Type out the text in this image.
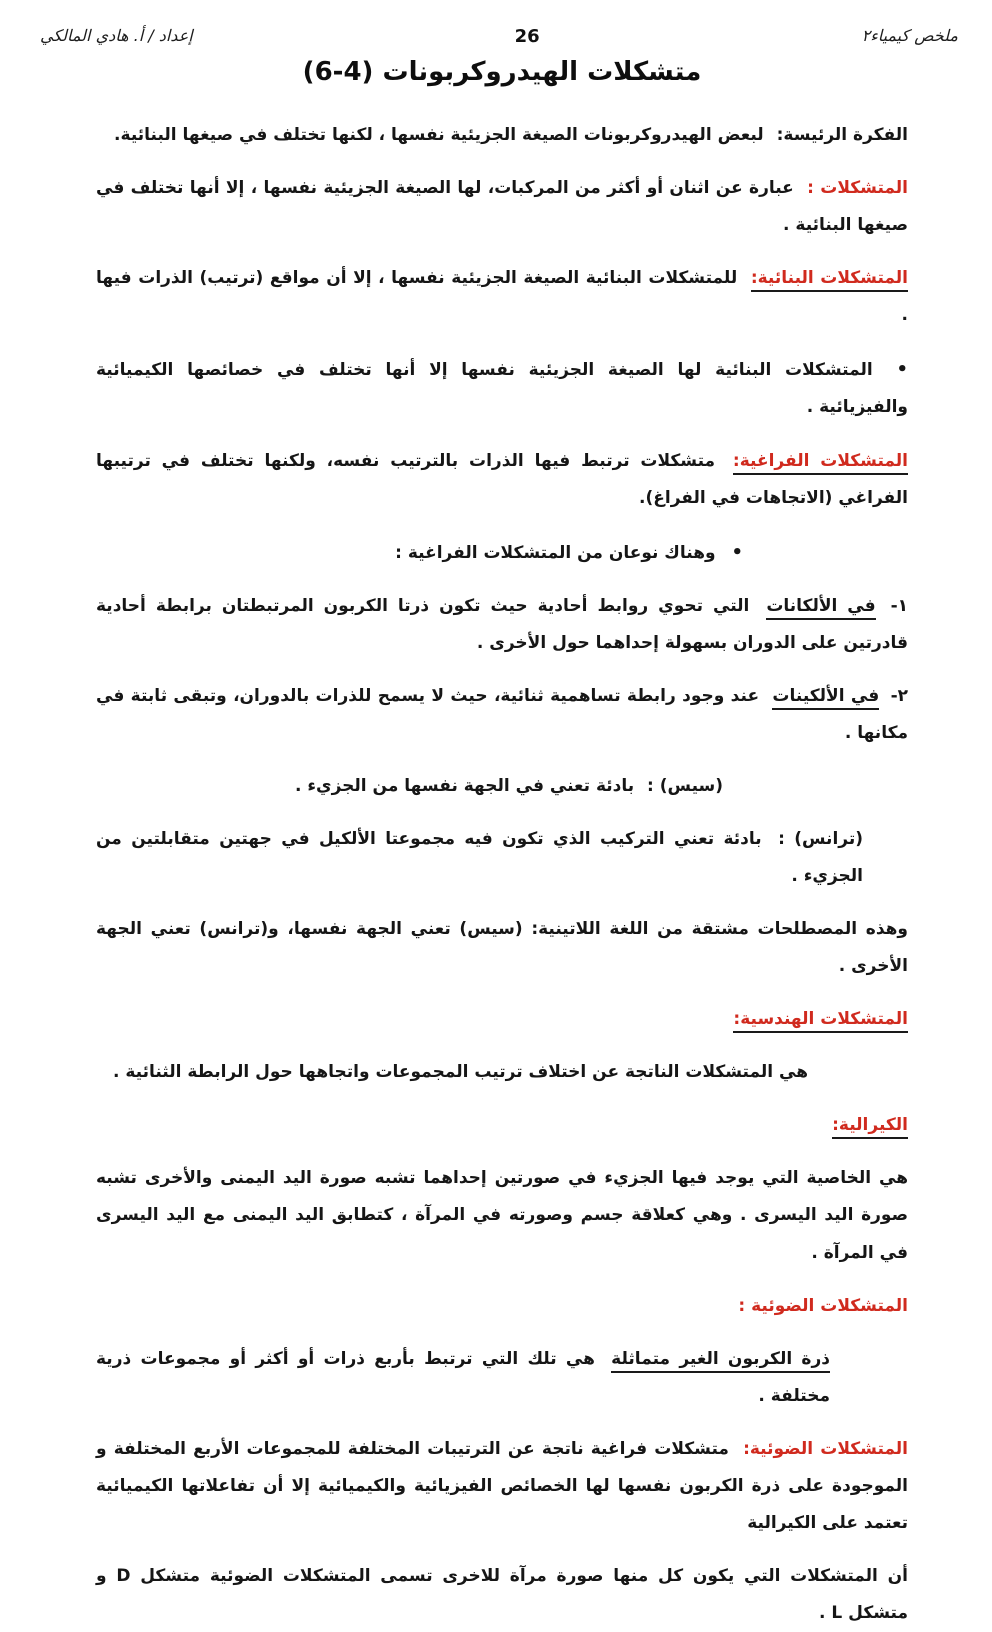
ملخص كيمياء٢
26
إعداد / أ. هادي المالكي
متشكلات الهيدروكربونات (4-6)

الفكرة الرئيسة: لبعض الهيدروكربونات الصيغة الجزيئية نفسها ، لكنها تختلف في صيغها البنائية.

المتشكلات : عبارة عن اثنان أو أكثر من المركبات، لها الصيغة الجزيئية نفسها ، إلا أنها تختلف في صيغها البنائية .

المتشكلات البنائية: للمتشكلات البنائية الصيغة الجزيئية نفسها ، إلا أن مواقع (ترتيب) الذرات فيها .

• المتشكلات البنائية لها الصيغة الجزيئية نفسها إلا أنها تختلف في خصائصها الكيميائية والفيزيائية .

المتشكلات الفراغية: متشكلات ترتبط فيها الذرات بالترتيب نفسه، ولكنها تختلف في ترتيبها الفراغي (الاتجاهات في الفراغ).

• وهناك نوعان من المتشكلات الفراغية :

١- في الألكانات التي تحوي روابط أحادية حيث تكون ذرتا الكربون المرتبطتان برابطة أحادية قادرتين على الدوران بسهولة إحداهما حول الأخرى .

٢- في الألكينات عند وجود رابطة تساهمية ثنائية، حيث لا يسمح للذرات بالدوران، وتبقى ثابتة في مكانها .

(سيس) : بادئة تعني في الجهة نفسها من الجزيء .

(ترانس) : بادئة تعني التركيب الذي تكون فيه مجموعتا الألكيل في جهتين متقابلتين من الجزيء .

وهذه المصطلحات مشتقة من اللغة اللاتينية: (سيس) تعني الجهة نفسها، و(ترانس) تعني الجهة الأخرى .

المتشكلات الهندسية:

هي المتشكلات الناتجة عن اختلاف ترتيب المجموعات واتجاهها حول الرابطة الثنائية .

الكيرالية:

هي الخاصية التي يوجد فيها الجزيء في صورتين إحداهما تشبه صورة اليد اليمنى والأخرى تشبه صورة اليد اليسرى . وهي كعلاقة جسم وصورته في المرآة ، كتطابق اليد اليمنى مع اليد اليسرى في المرآة .

المتشكلات الضوئية :

ذرة الكربون الغير متماثلة هي تلك التي ترتبط بأربع ذرات أو أكثر أو مجموعات ذرية مختلفة .

المتشكلات الضوئية: متشكلات فراغية ناتجة عن الترتيبات المختلفة للمجموعات الأربع المختلفة و الموجودة على ذرة الكربون نفسها لها الخصائص الفيزيائية والكيميائية إلا أن تفاعلاتها الكيميائية تعتمد على الكيرالية

أن المتشكلات التي يكون كل منها صورة مرآة للاخرى تسمى المتشكلات الضوئية متشكل D و متشكل L .
